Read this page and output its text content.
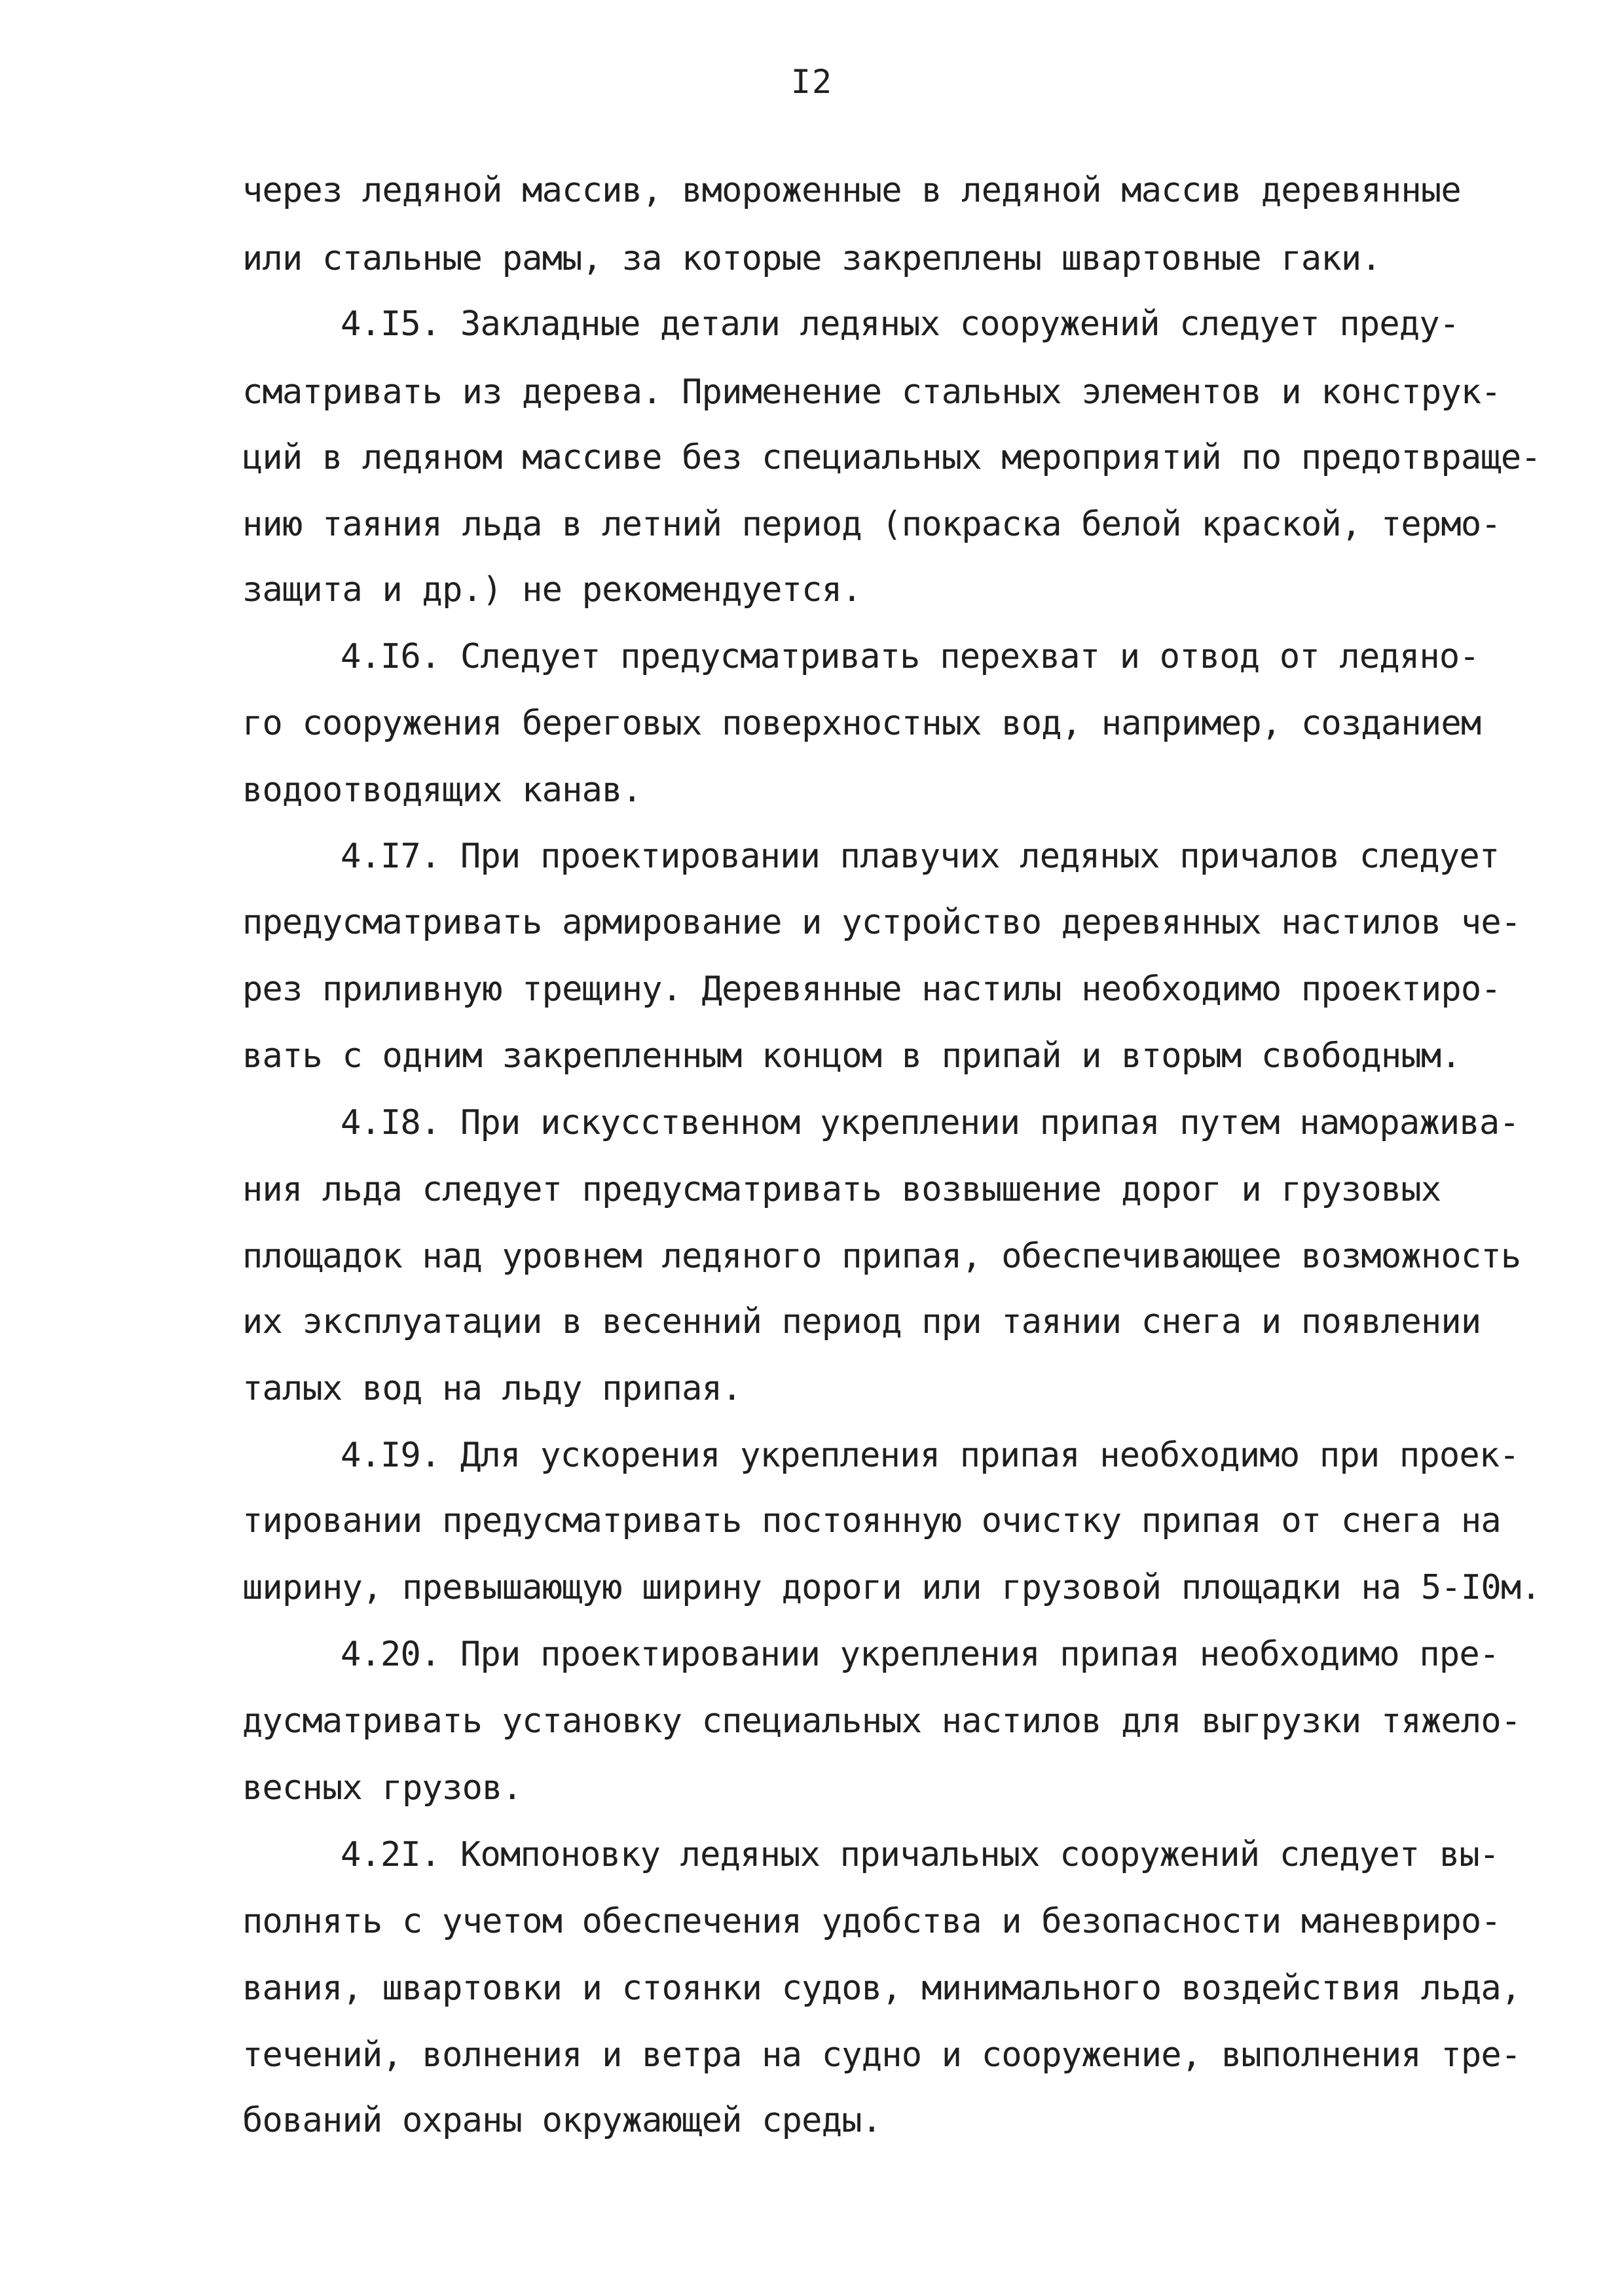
I2

через ледяной массив, вмороженные в ледяной массив деревянные

или стальные рамы, за которые закреплены швартовные гаки.

4.I5. Закладные детали ледяных сооружений следует преду-

сматривать из дерева. Применение стальных элементов и конструк-

ций в ледяном массиве без специальных мероприятий по предотвраще-

нию таяния льда в летний период (покраска белой краской, термо-

защита и др.) не рекомендуется.

4.I6. Следует предусматривать перехват и отвод от ледяно-

го сооружения береговых поверхностных вод, например, созданием

водоотводящих канав.

4.I7. При проектировании плавучих ледяных причалов следует

предусматривать армирование и устройство деревянных настилов че-

рез приливную трещину. Деревянные настилы необходимо проектиро-

вать с одним закрепленным концом в припай и вторым свободным.

4.I8. При искусственном укреплении припая путем наморажива-

ния льда следует предусматривать возвышение дорог и грузовых

площадок над уровнем ледяного припая, обеспечивающее возможность

их эксплуатации в весенний период при таянии снега и появлении

талых вод на льду припая.

4.I9. Для ускорения укрепления припая необходимо при проек-

тировании предусматривать постоянную очистку припая от снега на

ширину, превышающую ширину дороги или грузовой площадки на 5-I0м.

4.20. При проектировании укрепления припая необходимо пре-

дусматривать установку специальных настилов для выгрузки тяжело-

весных грузов.

4.2I. Компоновку ледяных причальных сооружений следует вы-

полнять с учетом обеспечения удобства и безопасности маневриро-

вания, швартовки и стоянки судов, минимального воздействия льда,

течений, волнения и ветра на судно и сооружение, выполнения тре-

бований охраны окружающей среды.
